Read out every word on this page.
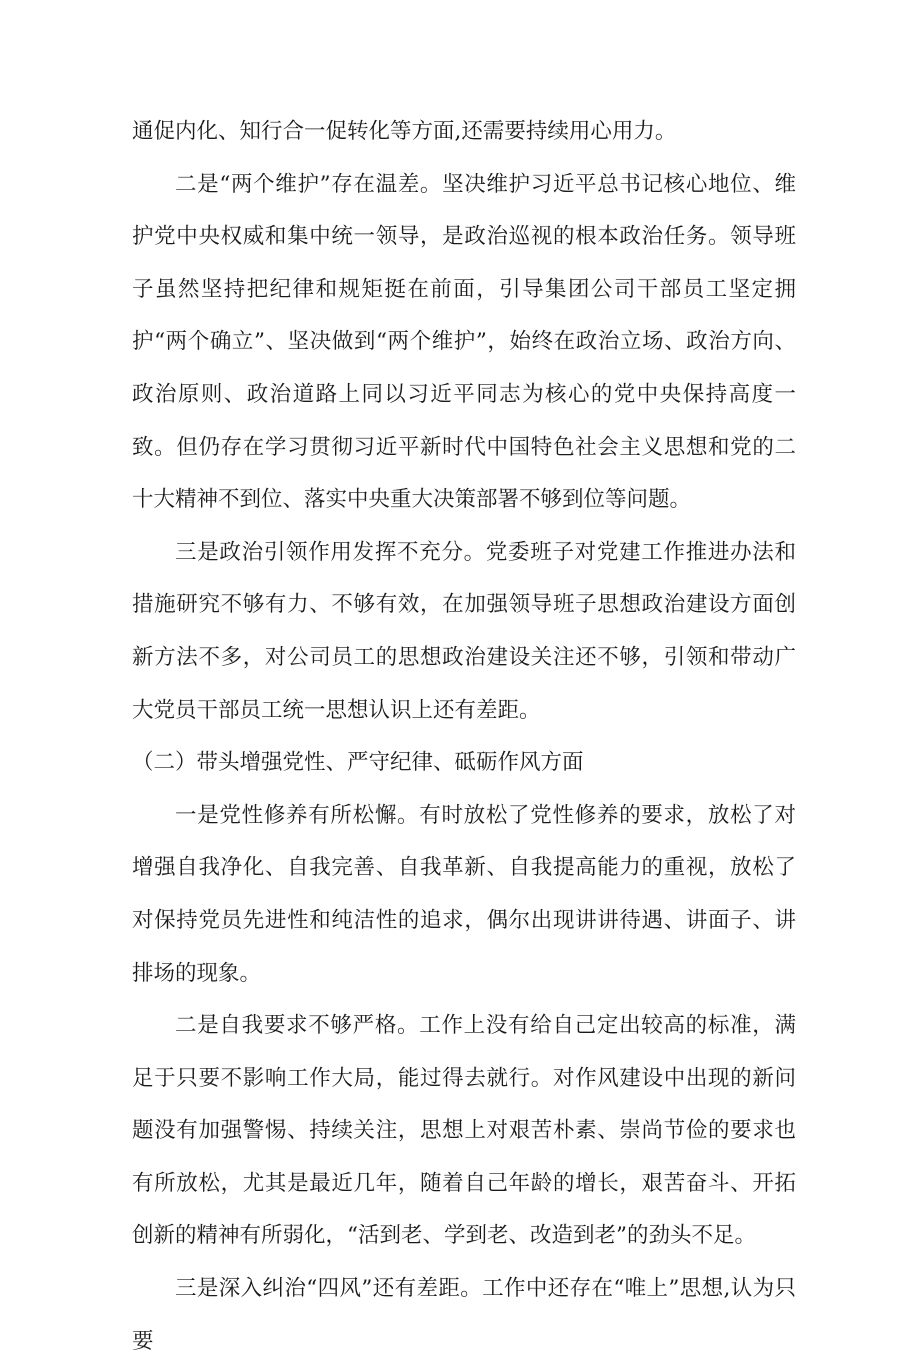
通促内化、知行合一促转化等方面,还需要持续用心用力。

二是“两个维护”存在温差。坚决维护习近平总书记核心地位、维护党中央权威和集中统一领导，是政治巡视的根本政治任务。领导班子虽然坚持把纪律和规矩挺在前面，引导集团公司干部员工坚定拥护“两个确立”、坚决做到“两个维护”，始终在政治立场、政治方向、政治原则、政治道路上同以习近平同志为核心的党中央保持高度一致。但仍存在学习贯彻习近平新时代中国特色社会主义思想和党的二十大精神不到位、落实中央重大决策部署不够到位等问题。

三是政治引领作用发挥不充分。党委班子对党建工作推进办法和措施研究不够有力、不够有效，在加强领导班子思想政治建设方面创新方法不多，对公司员工的思想政治建设关注还不够，引领和带动广大党员干部员工统一思想认识上还有差距。

（二）带头增强党性、严守纪律、砥砺作风方面

一是党性修养有所松懈。有时放松了党性修养的要求，放松了对增强自我净化、自我完善、自我革新、自我提高能力的重视，放松了对保持党员先进性和纯洁性的追求，偶尔出现讲讲待遇、讲面子、讲排场的现象。

二是自我要求不够严格。工作上没有给自己定出较高的标准，满足于只要不影响工作大局，能过得去就行。对作风建设中出现的新问题没有加强警惕、持续关注，思想上对艰苦朴素、崇尚节俭的要求也有所放松，尤其是最近几年，随着自己年龄的增长，艰苦奋斗、开拓创新的精神有所弱化，“活到老、学到老、改造到老”的劲头不足。

三是深入纠治“四风”还有差距。工作中还存在“唯上”思想,认为只要
